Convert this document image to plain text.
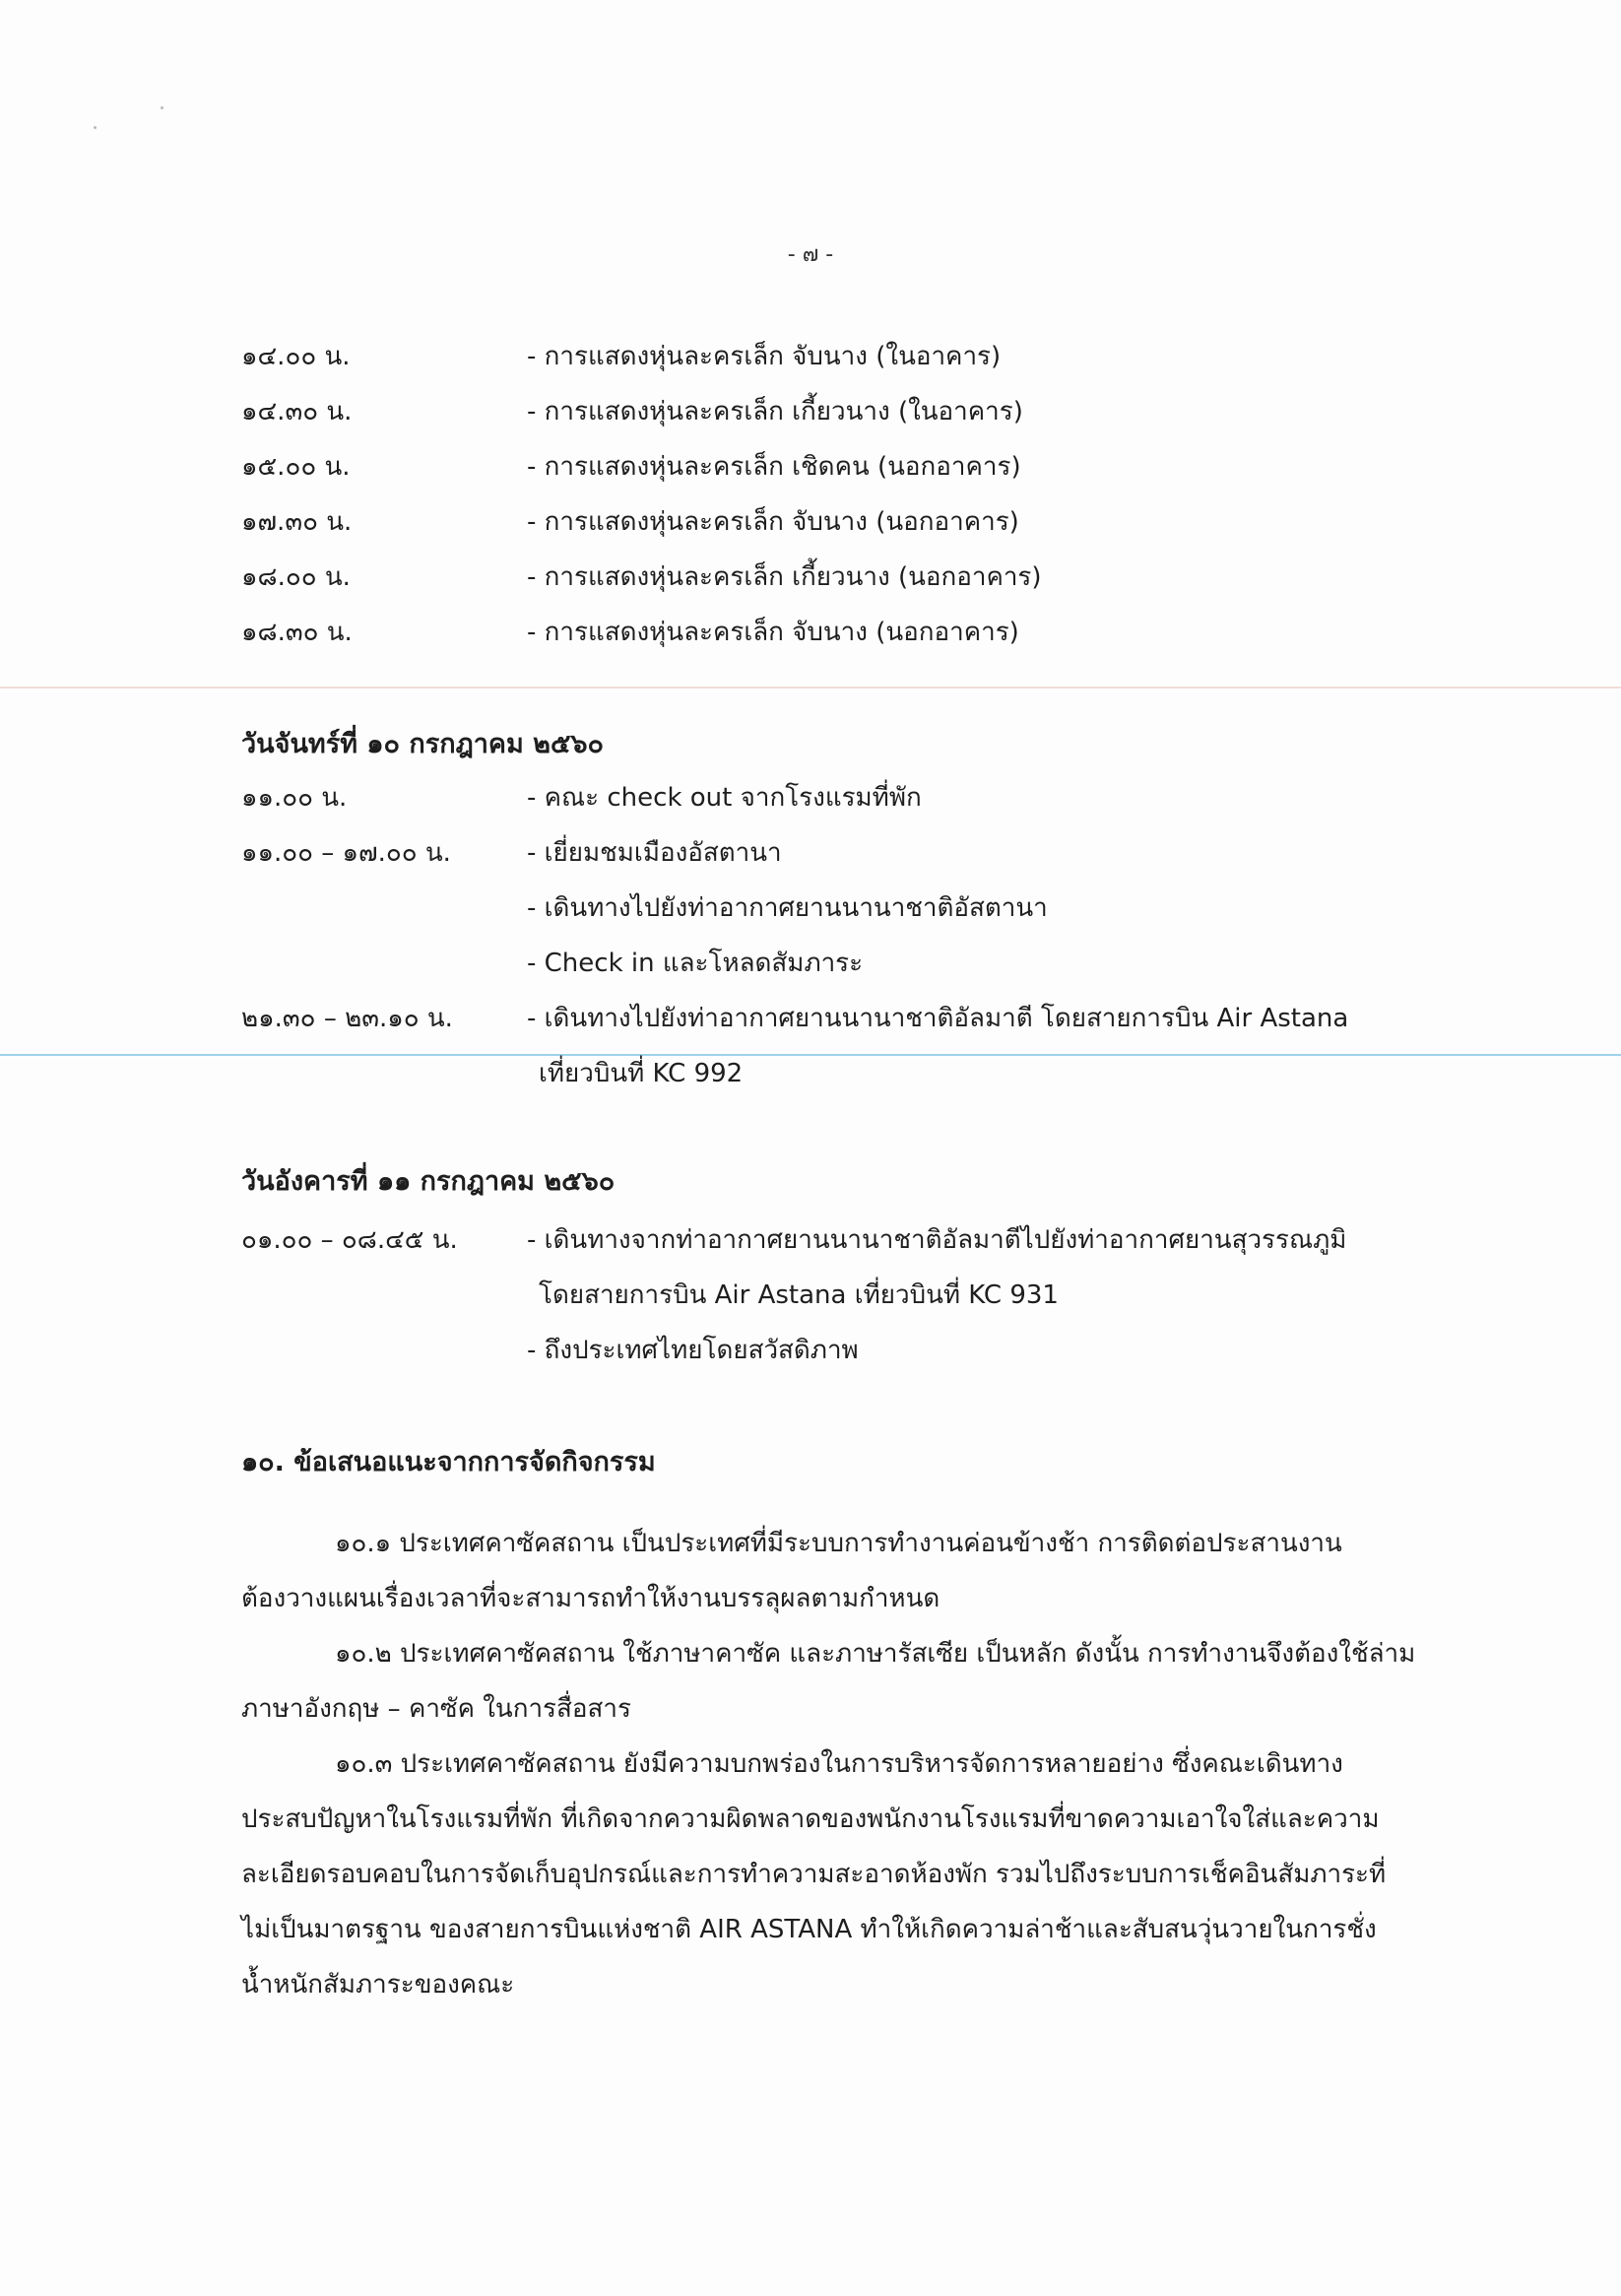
- ๗ -
๑๔.๐๐ น.	- การแสดงหุ่นละครเล็ก จับนาง (ในอาคาร)
๑๔.๓๐ น.	- การแสดงหุ่นละครเล็ก เกี้ยวนาง (ในอาคาร)
๑๕.๐๐ น.	- การแสดงหุ่นละครเล็ก เชิดคน (นอกอาคาร)
๑๗.๓๐ น.	- การแสดงหุ่นละครเล็ก จับนาง (นอกอาคาร)
๑๘.๐๐ น.	- การแสดงหุ่นละครเล็ก เกี้ยวนาง (นอกอาคาร)
๑๘.๓๐ น.	- การแสดงหุ่นละครเล็ก จับนาง (นอกอาคาร)
วันจันทร์ที่ ๑๐ กรกฎาคม ๒๕๖๐
๑๑.๐๐ น.	- คณะ check out จากโรงแรมที่พัก
๑๑.๐๐ – ๑๗.๐๐ น.	- เยี่ยมชมเมืองอัสตานา
- เดินทางไปยังท่าอากาศยานนานาชาติอัสตานา
- Check in และโหลดสัมภาระ
๒๑.๓๐ – ๒๓.๑๐ น.	- เดินทางไปยังท่าอากาศยานนานาชาติอัลมาตี โดยสายการบิน Air Astana
เที่ยวบินที่ KC 992
วันอังคารที่ ๑๑ กรกฎาคม ๒๕๖๐
๐๑.๐๐ – ๐๘.๔๕ น.	- เดินทางจากท่าอากาศยานนานาชาติอัลมาตีไปยังท่าอากาศยานสุวรรณภูมิ
โดยสายการบิน Air Astana เที่ยวบินที่ KC 931
- ถึงประเทศไทยโดยสวัสดิภาพ
๑๐. ข้อเสนอแนะจากการจัดกิจกรรม
๑๐.๑ ประเทศคาซัคสถาน เป็นประเทศที่มีระบบการทำงานค่อนข้างช้า การติดต่อประสานงาน
ต้องวางแผนเรื่องเวลาที่จะสามารถทำให้งานบรรลุผลตามกำหนด
๑๐.๒ ประเทศคาซัคสถาน ใช้ภาษาคาซัค และภาษารัสเซีย เป็นหลัก ดังนั้น การทำงานจึงต้องใช้ล่าม
ภาษาอังกฤษ – คาซัค ในการสื่อสาร
๑๐.๓ ประเทศคาซัคสถาน ยังมีความบกพร่องในการบริหารจัดการหลายอย่าง ซึ่งคณะเดินทาง
ประสบปัญหาในโรงแรมที่พัก ที่เกิดจากความผิดพลาดของพนักงานโรงแรมที่ขาดความเอาใจใส่และความ
ละเอียดรอบคอบในการจัดเก็บอุปกรณ์และการทำความสะอาดห้องพัก รวมไปถึงระบบการเช็คอินสัมภาระที่
ไม่เป็นมาตรฐาน ของสายการบินแห่งชาติ AIR ASTANA ทำให้เกิดความล่าช้าและสับสนวุ่นวายในการชั่ง
น้ำหนักสัมภาระของคณะ
